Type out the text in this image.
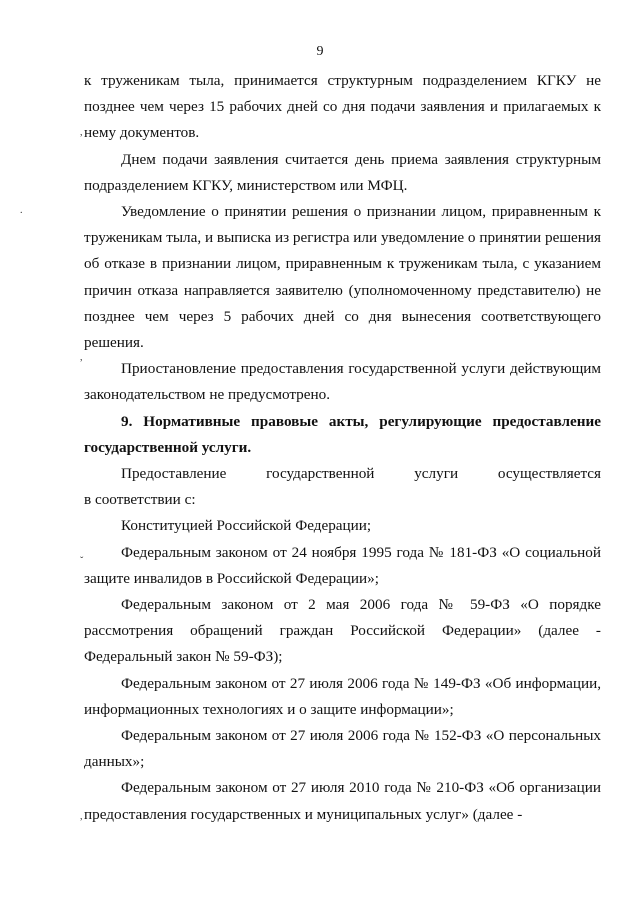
9

к труженикам тыла, принимается структурным подразделением КГКУ не позднее чем через 15 рабочих дней со дня подачи заявления и прилагаемых к нему документов.

Днем подачи заявления считается день приема заявления структурным подразделением КГКУ, министерством или МФЦ.

Уведомление о принятии решения о признании лицом, приравненным к труженикам тыла, и выписка из регистра или уведомление о принятии решения об отказе в признании лицом, приравненным к труженикам тыла, с указанием причин отказа направляется заявителю (уполномоченному представителю) не позднее чем через 5 рабочих дней со дня вынесения соответствующего решения.

Приостановление предоставления государственной услуги действующим законодательством не предусмотрено.

9. Нормативные правовые акты, регулирующие предоставление государственной услуги.

Предоставление государственной услуги осуществляется

в соответствии с:

Конституцией Российской Федерации;

Федеральным законом от 24 ноября 1995 года № 181-ФЗ «О социальной защите инвалидов в Российской Федерации»;

Федеральным законом от 2 мая 2006 года № 59-ФЗ «О порядке рассмотрения обращений граждан Российской Федерации» (далее - Федеральный закон № 59-ФЗ);

Федеральным законом от 27 июля 2006 года № 149-ФЗ «Об информации, информационных технологиях и о защите информации»;

Федеральным законом от 27 июля 2006 года № 152-ФЗ «О персональных данных»;

Федеральным законом от 27 июля 2010 года № 210-ФЗ «Об организации предоставления государственных и муниципальных услуг» (далее -

,
.
,
ˇ
,
